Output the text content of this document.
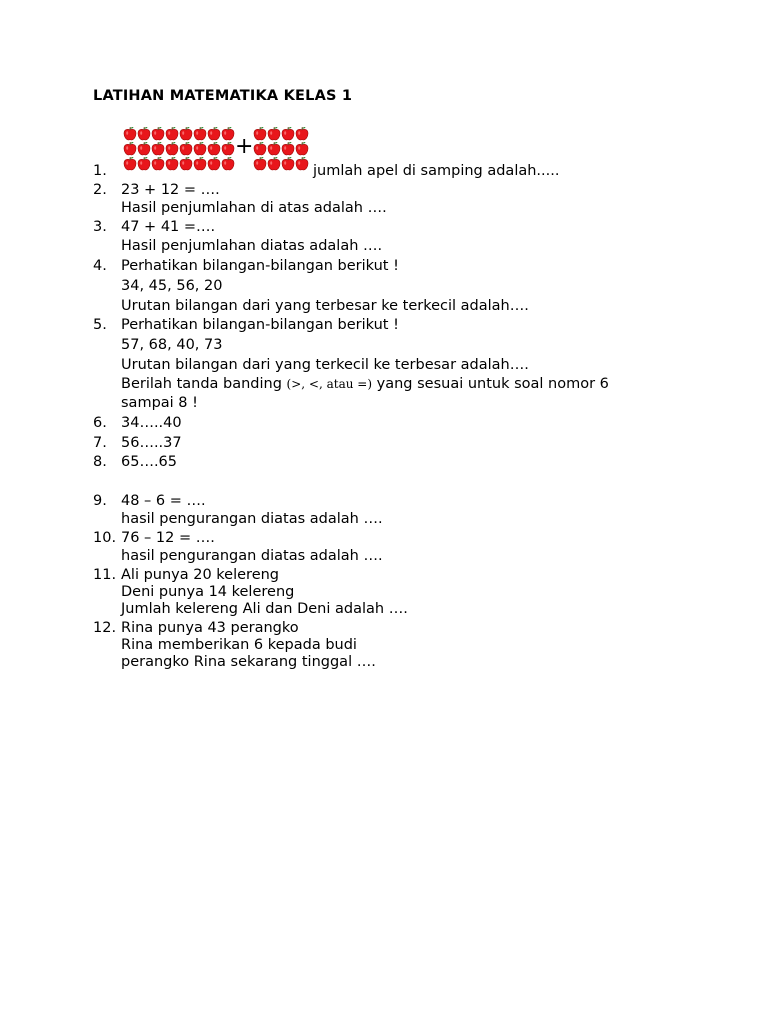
LATIHAN MATEMATIKA KELAS 1
+
1.	jumlah apel di samping adalah.....
2. 23 + 12 = ….
Hasil penjumlahan di atas adalah ….
3. 47 + 41 =….
Hasil penjumlahan diatas adalah ….
4. Perhatikan bilangan-bilangan berikut !
34, 45, 56, 20
Urutan bilangan dari yang terbesar ke terkecil adalah….
5. Perhatikan bilangan-bilangan berikut !
57, 68, 40, 73
Urutan bilangan dari yang terkecil ke terbesar adalah….
Berilah tanda banding (>, <, atau =) yang sesuai untuk soal nomor 6
sampai 8 !
6. 34…..40
7. 56…..37
8. 65….65
9. 48 – 6 = ….
hasil pengurangan diatas adalah ….
10. 76 – 12 = ….
hasil pengurangan diatas adalah ….
11. Ali punya 20 kelereng
Deni punya 14 kelereng
Jumlah kelereng Ali dan Deni adalah ….
12. Rina punya 43 perangko
Rina memberikan 6 kepada budi
perangko Rina sekarang tinggal ….
